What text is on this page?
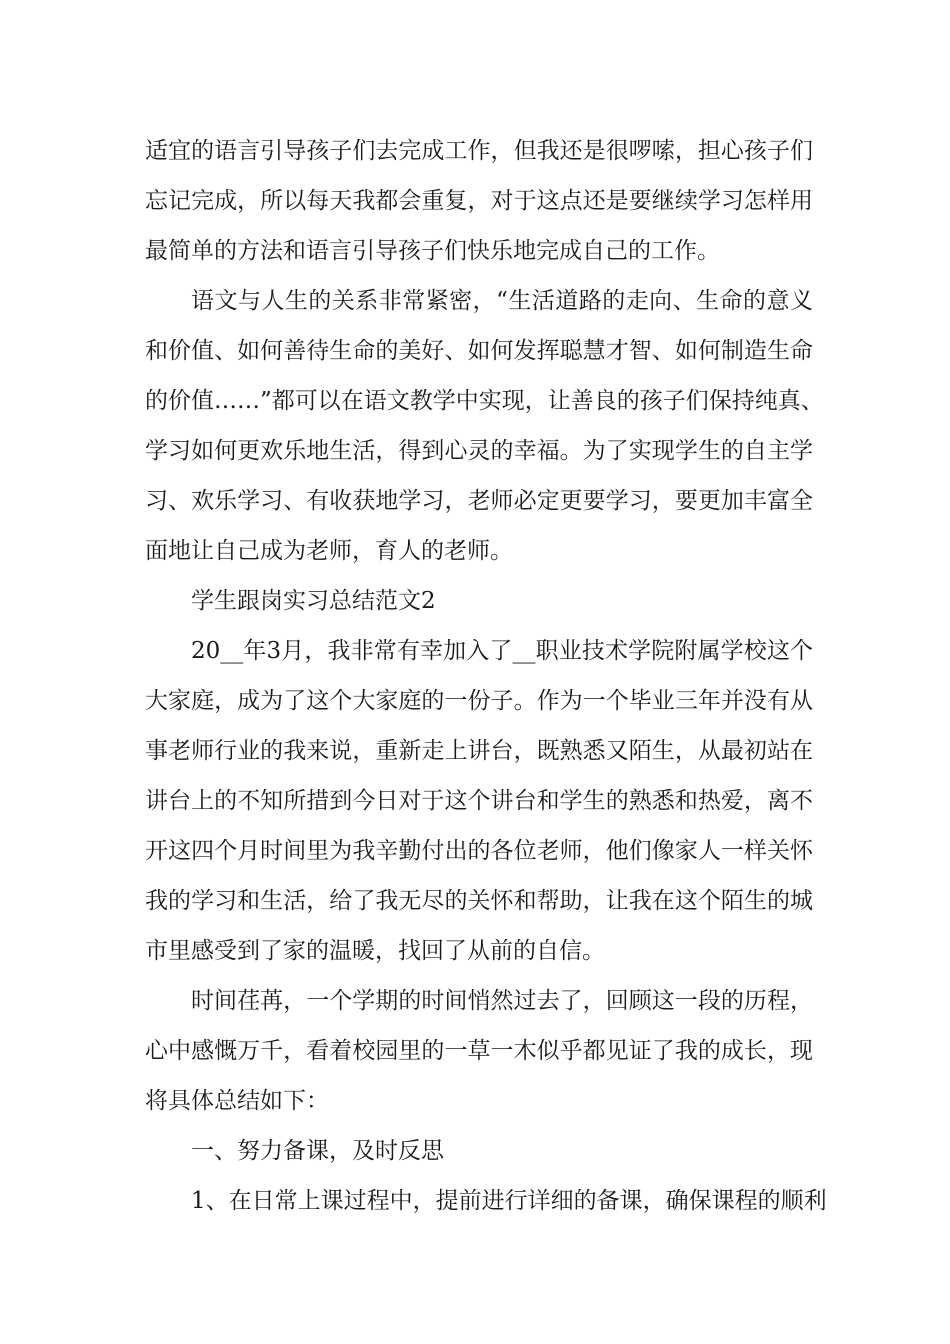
适宜的语言引导孩子们去完成工作，但我还是很啰嗦，担心孩子们
忘记完成，所以每天我都会重复，对于这点还是要继续学习怎样用
最简单的方法和语言引导孩子们快乐地完成自己的工作。
语文与人生的关系非常紧密，“生活道路的走向、生命的意义
和价值、如何善待生命的美好、如何发挥聪慧才智、如何制造生命
的价值……”都可以在语文教学中实现，让善良的孩子们保持纯真、
学习如何更欢乐地生活，得到心灵的幸福。为了实现学生的自主学
习、欢乐学习、有收获地学习，老师必定更要学习，要更加丰富全
面地让自己成为老师，育人的老师。
学生跟岗实习总结范文2
20__年3月，我非常有幸加入了__职业技术学院附属学校这个
大家庭，成为了这个大家庭的一份子。作为一个毕业三年并没有从
事老师行业的我来说，重新走上讲台，既熟悉又陌生，从最初站在
讲台上的不知所措到今日对于这个讲台和学生的熟悉和热爱，离不
开这四个月时间里为我辛勤付出的各位老师，他们像家人一样关怀
我的学习和生活，给了我无尽的关怀和帮助，让我在这个陌生的城
市里感受到了家的温暖，找回了从前的自信。
时间荏苒，一个学期的时间悄然过去了，回顾这一段的历程，
心中感慨万千，看着校园里的一草一木似乎都见证了我的成长，现
将具体总结如下：
一、努力备课，及时反思
1、在日常上课过程中，提前进行详细的备课，确保课程的顺利
